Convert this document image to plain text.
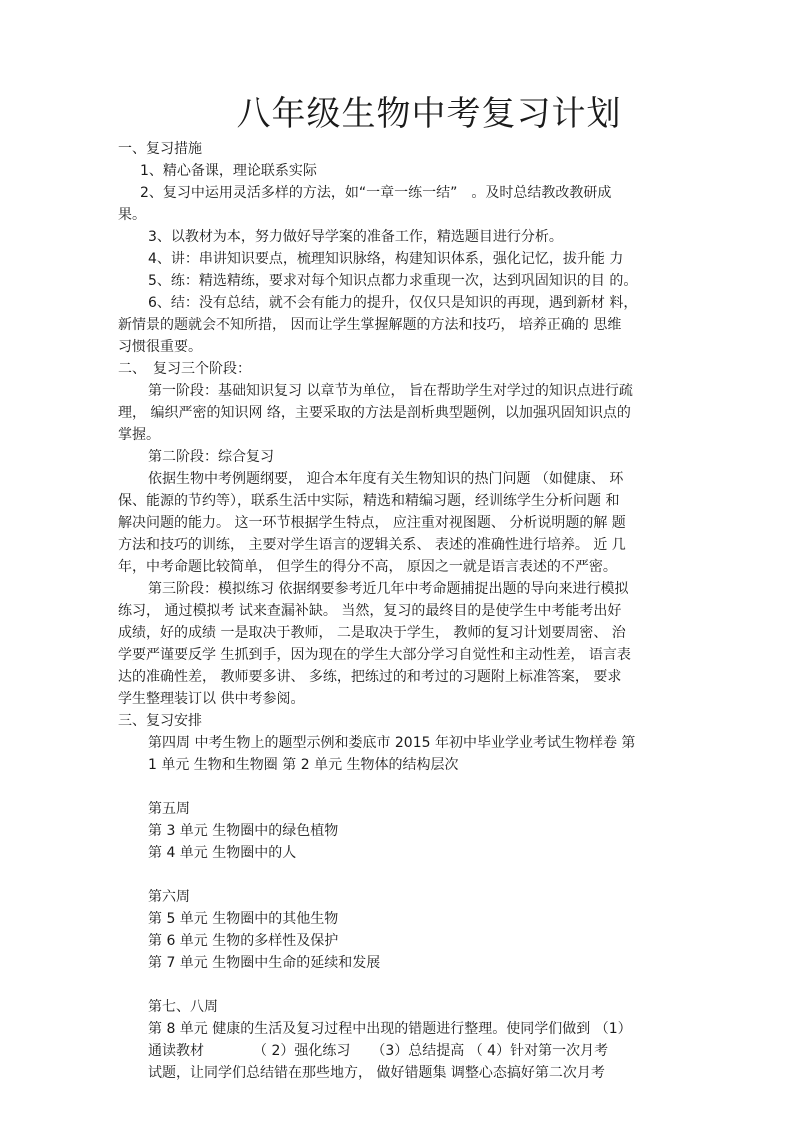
八年级生物中考复习计划
一、复习措施
1、精心备课，理论联系实际
2、复习中运用灵活多样的方法，如“一章一练一结”　。及时总结教改教研成
果。
3、以教材为本，努力做好导学案的准备工作，精选题目进行分析。
4、讲：串讲知识要点，梳理知识脉络，构建知识体系，强化记忆，拔升能 力
5、练：精选精练，要求对每个知识点都力求重现一次，达到巩固知识的目 的。
6、结：没有总结，就不会有能力的提升，仅仅只是知识的再现，遇到新材 料，
新情景的题就会不知所措， 因而让学生掌握解题的方法和技巧， 培养正确的 思维
习惯很重要。
二、　复习三个阶段：
第一阶段：基础知识复习 以章节为单位， 旨在帮助学生对学过的知识点进行疏
理， 编织严密的知识网 络，主要采取的方法是剖析典型题例，以加强巩固知识点的
掌握。
第二阶段：综合复习
依据生物中考例题纲要， 迎合本年度有关生物知识的热门问题 （如健康、 环
保、能源的节约等），联系生活中实际，精选和精编习题，经训练学生分析问题 和
解决问题的能力。 这一环节根据学生特点， 应注重对视图题、 分析说明题的解 题
方法和技巧的训练， 主要对学生语言的逻辑关系、 表述的准确性进行培养。 近 几
年，中考命题比较简单， 但学生的得分不高， 原因之一就是语言表述的不严密。
第三阶段：模拟练习 依据纲要参考近几年中考命题捕捉出题的导向来进行模拟
练习， 通过模拟考 试来查漏补缺。 当然，复习的最终目的是使学生中考能考出好
成绩，好的成绩 一是取决于教师， 二是取决于学生， 教师的复习计划要周密、 治
学要严谨要反学 生抓到手，因为现在的学生大部分学习自觉性和主动性差， 语言表
达的准确性差， 教师要多讲、 多练，把练过的和考过的习题附上标准答案， 要求
学生整理装订以 供中考参阅。
三、复习安排
第四周 中考生物上的题型示例和娄底市 2015 年初中毕业学业考试生物样卷 第
1 单元 生物和生物圈 第 2 单元 生物体的结构层次
第五周
第 3 单元 生物圈中的绿色植物
第 4 单元 生物圈中的人
第六周
第 5 单元 生物圈中的其他生物
第 6 单元 生物的多样性及保护
第 7 单元 生物圈中生命的延续和发展
第七、八周
第 8 单元 健康的生活及复习过程中出现的错题进行整理。使同学们做到 （1）
通读教材　　　　（ 2）强化练习　　（3）总结提高 （ 4）针对第一次月考
试题，让同学们总结错在那些地方， 做好错题集 调整心态搞好第二次月考
